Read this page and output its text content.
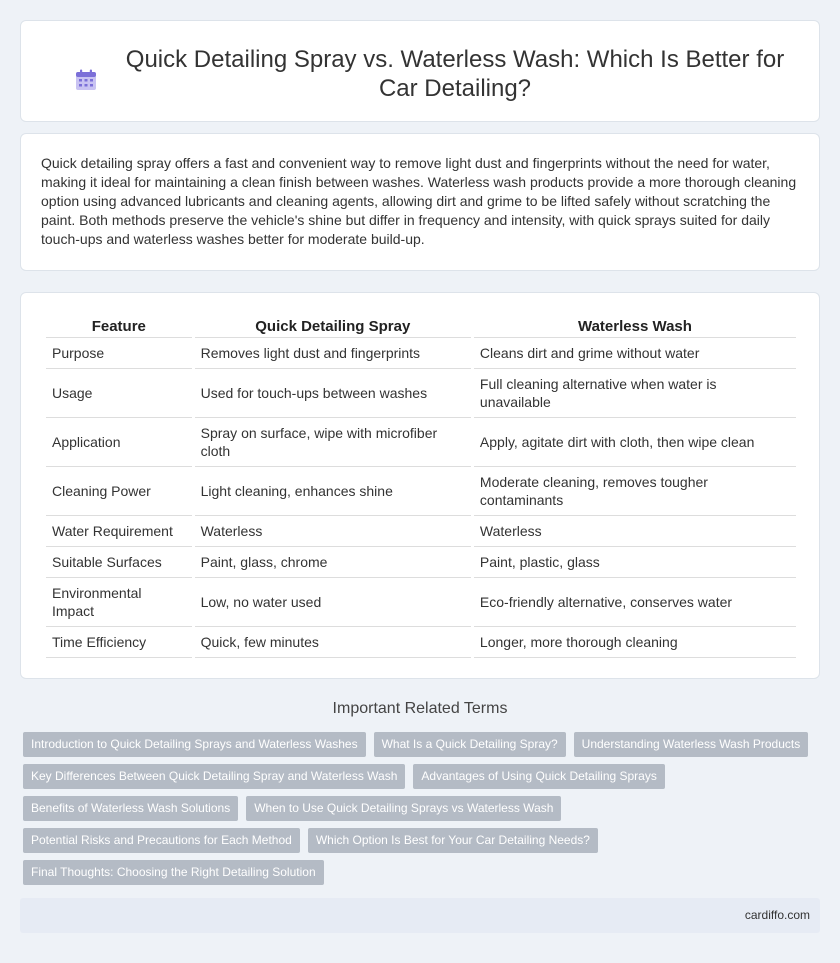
Quick Detailing Spray vs. Waterless Wash: Which Is Better for Car Detailing?

Quick detailing spray offers a fast and convenient way to remove light dust and fingerprints without the need for water, making it ideal for maintaining a clean finish between washes. Waterless wash products provide a more thorough cleaning option using advanced lubricants and cleaning agents, allowing dirt and grime to be lifted safely without scratching the paint. Both methods preserve the vehicle's shine but differ in frequency and intensity, with quick sprays suited for daily touch-ups and waterless washes better for moderate build-up.

Feature	Quick Detailing Spray	Waterless Wash
Purpose	Removes light dust and fingerprints	Cleans dirt and grime without water
Usage	Used for touch-ups between washes	Full cleaning alternative when water is unavailable
Application	Spray on surface, wipe with microfiber cloth	Apply, agitate dirt with cloth, then wipe clean
Cleaning Power	Light cleaning, enhances shine	Moderate cleaning, removes tougher contaminants
Water Requirement	Waterless	Waterless
Suitable Surfaces	Paint, glass, chrome	Paint, plastic, glass
Environmental Impact	Low, no water used	Eco-friendly alternative, conserves water
Time Efficiency	Quick, few minutes	Longer, more thorough cleaning
Important Related Terms
Introduction to Quick Detailing Sprays and Waterless Washes	What Is a Quick Detailing Spray?	Understanding Waterless Wash Products
Key Differences Between Quick Detailing Spray and Waterless Wash	Advantages of Using Quick Detailing Sprays
Benefits of Waterless Wash Solutions	When to Use Quick Detailing Sprays vs Waterless Wash
Potential Risks and Precautions for Each Method	Which Option Is Best for Your Car Detailing Needs?
Final Thoughts: Choosing the Right Detailing Solution
cardiffo.com
